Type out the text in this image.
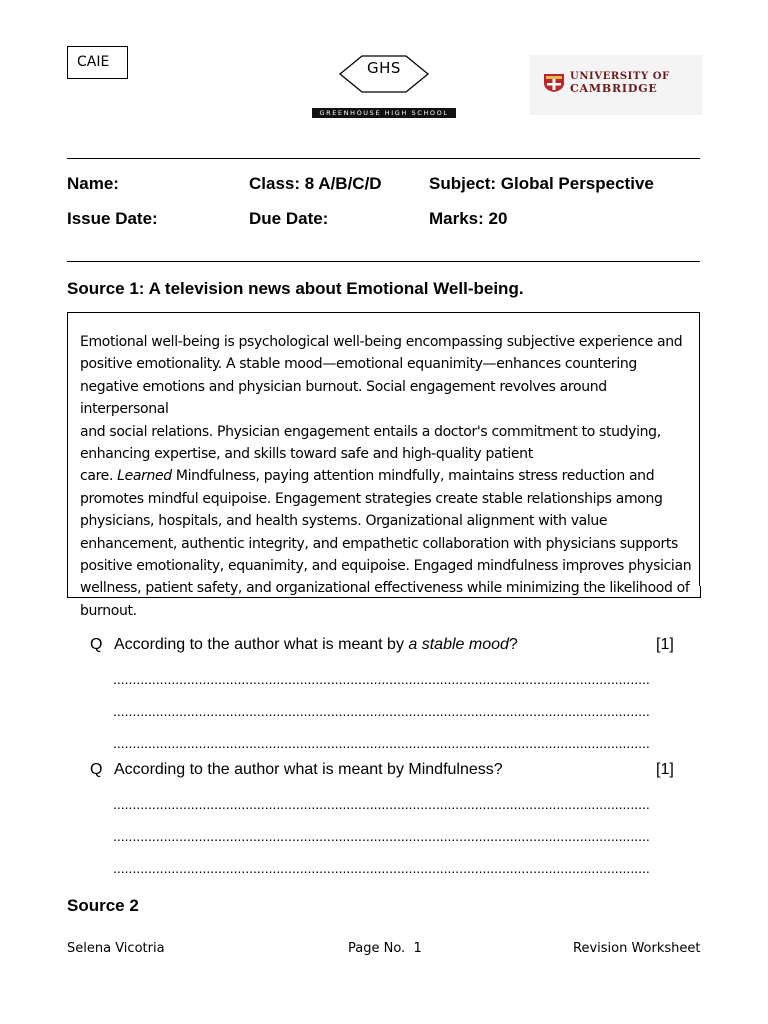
CAIE	GHS
GREENHOUSE HIGH SCHOOL
UNIVERSITY OF
CAMBRIDGE
Name:	Class: 8 A/B/C/D	Subject: Global Perspective
Issue Date:	Due Date:	Marks: 20
Source 1: A television news about Emotional Well-being.
Emotional well-being is psychological well-being encompassing subjective experience and
positive emotionality. A stable mood—emotional equanimity—enhances countering
negative emotions and physician burnout. Social engagement revolves around interpersonal
and social relations. Physician engagement entails a doctor's commitment to studying,
enhancing expertise, and skills toward safe and high-quality patient
care. Learned Mindfulness, paying attention mindfully, maintains stress reduction and
promotes mindful equipoise. Engagement strategies create stable relationships among
physicians, hospitals, and health systems. Organizational alignment with value
enhancement, authentic integrity, and empathetic collaboration with physicians supports
positive emotionality, equanimity, and equipoise. Engaged mindfulness improves physician
wellness, patient safety, and organizational effectiveness while minimizing the likelihood of
burnout.
Q According to the author what is meant by a stable mood?	[1]
..........................................................................................................................................
..........................................................................................................................................
..........................................................................................................................................
Q According to the author what is meant by Mindfulness?	[1]
..........................................................................................................................................
..........................................................................................................................................
..........................................................................................................................................
Source 2
Selena Vicotria	Page No.  1	Revision Worksheet
